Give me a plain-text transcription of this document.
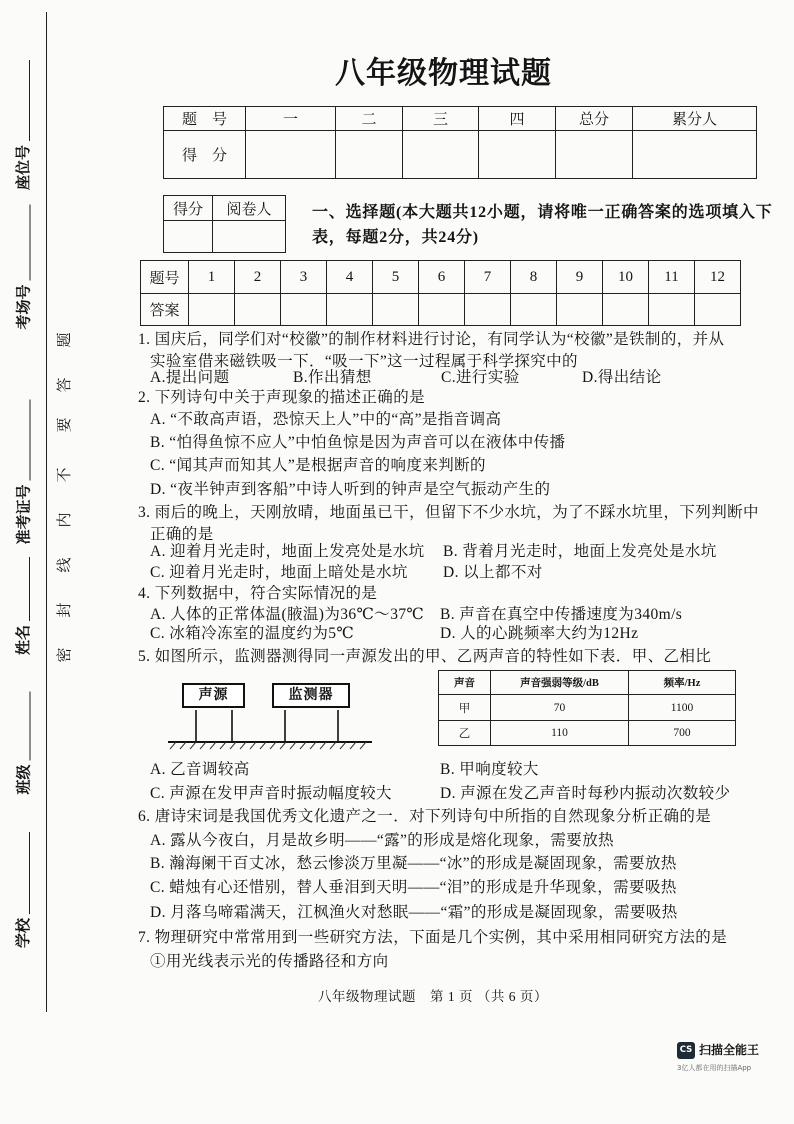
座位号
考场号
准考证号
姓名
班级
学校
密
封
线
内
不
要
答
题
八年级物理试题
题　号	一	二	三	四	总分	累分人
得　分						
得分	阅卷人
		一、选择题(本大题共12小题，请将唯一正确答案的选项填入下
表，每题2分，共24分)
题号	1	2	3	4	5	6	7	8	9	10	11	12
答案												
1. 国庆后，同学们对“校徽”的制作材料进行讨论，有同学认为“校徽”是铁制的，并从
实验室借来磁铁吸一下．“吸一下”这一过程属于科学探究中的
A.提出问题	B.作出猜想	C.进行实验	D.得出结论
2. 下列诗句中关于声现象的描述正确的是
A. “不敢高声语，恐惊天上人”中的“高”是指音调高
B. “怕得鱼惊不应人”中怕鱼惊是因为声音可以在液体中传播
C. “闻其声而知其人”是根据声音的响度来判断的
D. “夜半钟声到客船”中诗人听到的钟声是空气振动产生的
3. 雨后的晚上，天刚放晴，地面虽已干，但留下不少水坑，为了不踩水坑里，下列判断中
正确的是
A. 迎着月光走时，地面上发亮处是水坑 B. 背着月光走时，地面上发亮处是水坑
C. 迎着月光走时，地面上暗处是水坑 D. 以上都不对
4. 下列数据中，符合实际情况的是
A. 人体的正常体温(腋温)为36℃～37℃ B. 声音在真空中传播速度为340m/s
C. 冰箱冷冻室的温度约为5℃	D. 人的心跳频率大约为12Hz
5. 如图所示，监测器测得同一声源发出的甲、乙两声音的特性如下表．甲、乙相比
声源	监测器
声音	声音强弱等级/dB	频率/Hz
甲	70	1100
乙	110	700
A. 乙音调较高	B. 甲响度较大
C. 声源在发甲声音时振动幅度较大	D. 声源在发乙声音时每秒内振动次数较少
6. 唐诗宋词是我国优秀文化遗产之一．对下列诗句中所指的自然现象分析正确的是
A. 露从今夜白，月是故乡明——“露”的形成是熔化现象，需要放热
B. 瀚海阑干百丈冰，愁云惨淡万里凝——“冰”的形成是凝固现象，需要放热
C. 蜡烛有心还惜别，替人垂泪到天明——“泪”的形成是升华现象，需要吸热
D. 月落乌啼霜满天，江枫渔火对愁眠——“霜”的形成是凝固现象，需要吸热
7. 物理研究中常常用到一些研究方法，下面是几个实例，其中采用相同研究方法的是
①用光线表示光的传播路径和方向
八年级物理试题　第 1 页 （共 6 页）
CS 扫描全能王
3亿人都在用的扫描App
